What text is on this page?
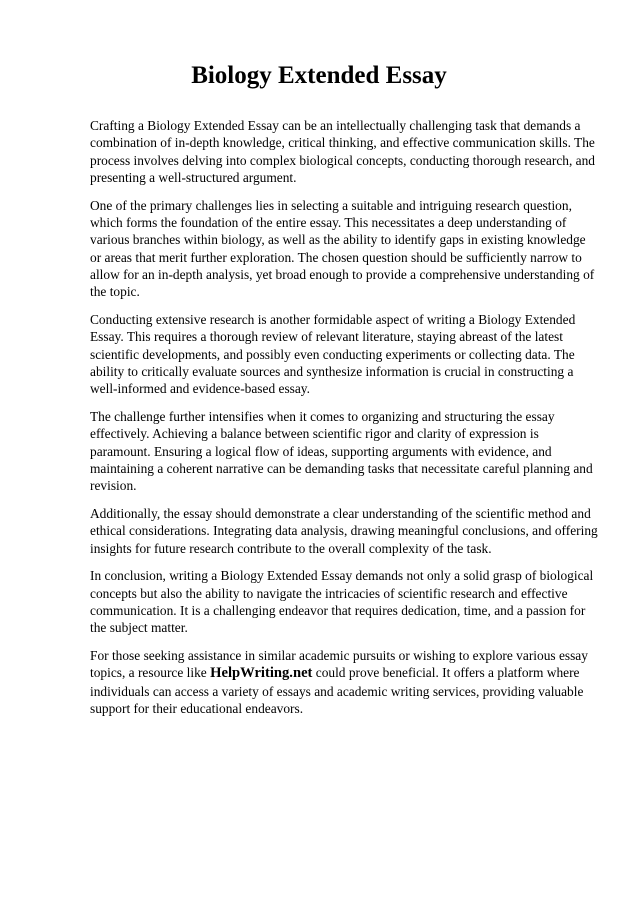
Biology Extended Essay

Crafting a Biology Extended Essay can be an intellectually challenging task that demands a combination of in-depth knowledge, critical thinking, and effective communication skills. The process involves delving into complex biological concepts, conducting thorough research, and presenting a well-structured argument.

One of the primary challenges lies in selecting a suitable and intriguing research question, which forms the foundation of the entire essay. This necessitates a deep understanding of various branches within biology, as well as the ability to identify gaps in existing knowledge or areas that merit further exploration. The chosen question should be sufficiently narrow to allow for an in-depth analysis, yet broad enough to provide a comprehensive understanding of the topic.

Conducting extensive research is another formidable aspect of writing a Biology Extended Essay. This requires a thorough review of relevant literature, staying abreast of the latest scientific developments, and possibly even conducting experiments or collecting data. The ability to critically evaluate sources and synthesize information is crucial in constructing a well-informed and evidence-based essay.

The challenge further intensifies when it comes to organizing and structuring the essay effectively. Achieving a balance between scientific rigor and clarity of expression is paramount. Ensuring a logical flow of ideas, supporting arguments with evidence, and maintaining a coherent narrative can be demanding tasks that necessitate careful planning and revision.

Additionally, the essay should demonstrate a clear understanding of the scientific method and ethical considerations. Integrating data analysis, drawing meaningful conclusions, and offering insights for future research contribute to the overall complexity of the task.

In conclusion, writing a Biology Extended Essay demands not only a solid grasp of biological concepts but also the ability to navigate the intricacies of scientific research and effective communication. It is a challenging endeavor that requires dedication, time, and a passion for the subject matter.

For those seeking assistance in similar academic pursuits or wishing to explore various essay topics, a resource like HelpWriting.net could prove beneficial. It offers a platform where individuals can access a variety of essays and academic writing services, providing valuable support for their educational endeavors.
